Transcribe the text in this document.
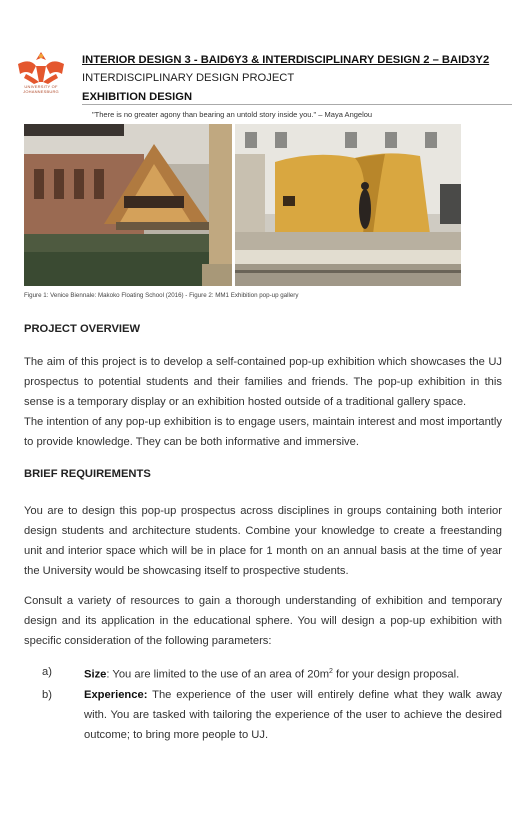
UNIVERSITY OF JOHANNESBURG
INTERIOR DESIGN 3 - BAID6Y3 & INTERDISCIPLINARY DESIGN 2 – BAID3Y2
INTERDISCIPLINARY DESIGN PROJECT
EXHIBITION DESIGN
"There is no greater agony than bearing an untold story inside you." – Maya Angelou
Figure 1: Venice Biennale: Makoko Floating School (2016) - Figure 2: MM1 Exhibition pop-up gallery
PROJECT OVERVIEW
The aim of this project is to develop a self-contained pop-up exhibition which showcases the UJ prospectus to potential students and their families and friends. The pop-up exhibition in this sense is a temporary display or an exhibition hosted outside of a traditional gallery space.
The intention of any pop-up exhibition is to engage users, maintain interest and most importantly to provide knowledge. They can be both informative and immersive.
BRIEF REQUIREMENTS
You are to design this pop-up prospectus across disciplines in groups containing both interior design students and architecture students. Combine your knowledge to create a freestanding unit and interior space which will be in place for 1 month on an annual basis at the time of year the University would be showcasing itself to prospective students.
Consult a variety of resources to gain a thorough understanding of exhibition and temporary design and its application in the educational sphere. You will design a pop-up exhibition with specific consideration of the following parameters:
a)	Size: You are limited to the use of an area of $20m^2$ for your design proposal.
b)	Experience: The experience of the user will entirely define what they walk away with. You are tasked with tailoring the experience of the user to achieve the desired outcome; to bring more people to UJ.
